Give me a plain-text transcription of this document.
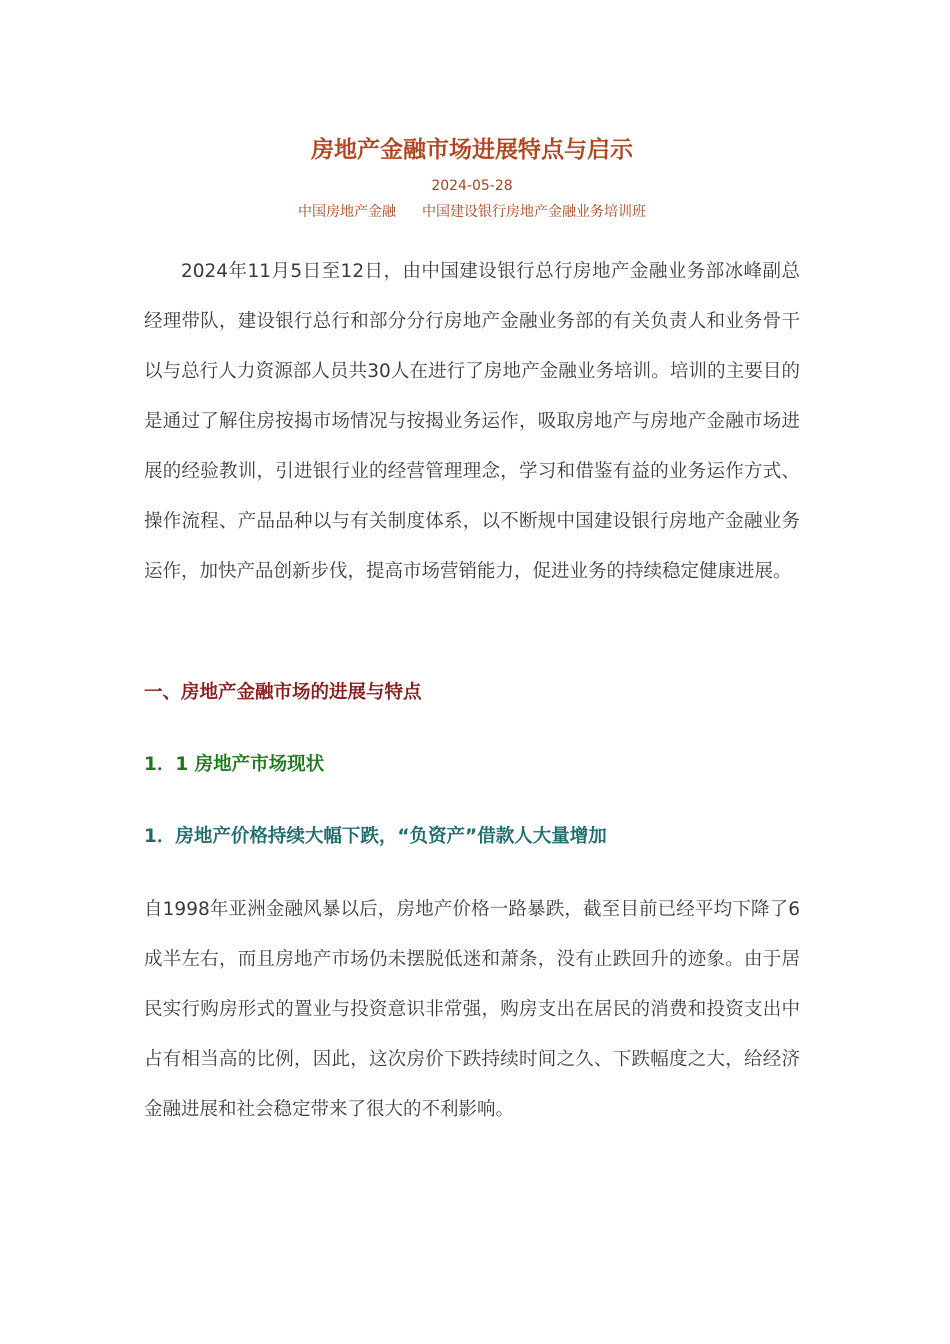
房地产金融市场进展特点与启示
2024-05-28
中国房地产金融 中国建设银行房地产金融业务培训班

2024年11月5日至12日，由中国建设银行总行房地产金融业务部冰峰副总经理带队，建设银行总行和部分分行房地产金融业务部的有关负责人和业务骨干以与总行人力资源部人员共30人在进行了房地产金融业务培训。培训的主要目的是通过了解住房按揭市场情况与按揭业务运作，吸取房地产与房地产金融市场进展的经验教训，引进银行业的经营管理理念，学习和借鉴有益的业务运作方式、操作流程、产品品种以与有关制度体系，以不断规中国建设银行房地产金融业务运作，加快产品创新步伐，提高市场营销能力，促进业务的持续稳定健康进展。

一、房地产金融市场的进展与特点
1．1 房地产市场现状
1．房地产价格持续大幅下跌，“负资产”借款人大量增加

自1998年亚洲金融风暴以后，房地产价格一路暴跌，截至目前已经平均下降了6成半左右，而且房地产市场仍未摆脱低迷和萧条，没有止跌回升的迹象。由于居民实行购房形式的置业与投资意识非常强，购房支出在居民的消费和投资支出中占有相当高的比例，因此，这次房价下跌持续时间之久、下跌幅度之大，给经济金融进展和社会稳定带来了很大的不利影响。
